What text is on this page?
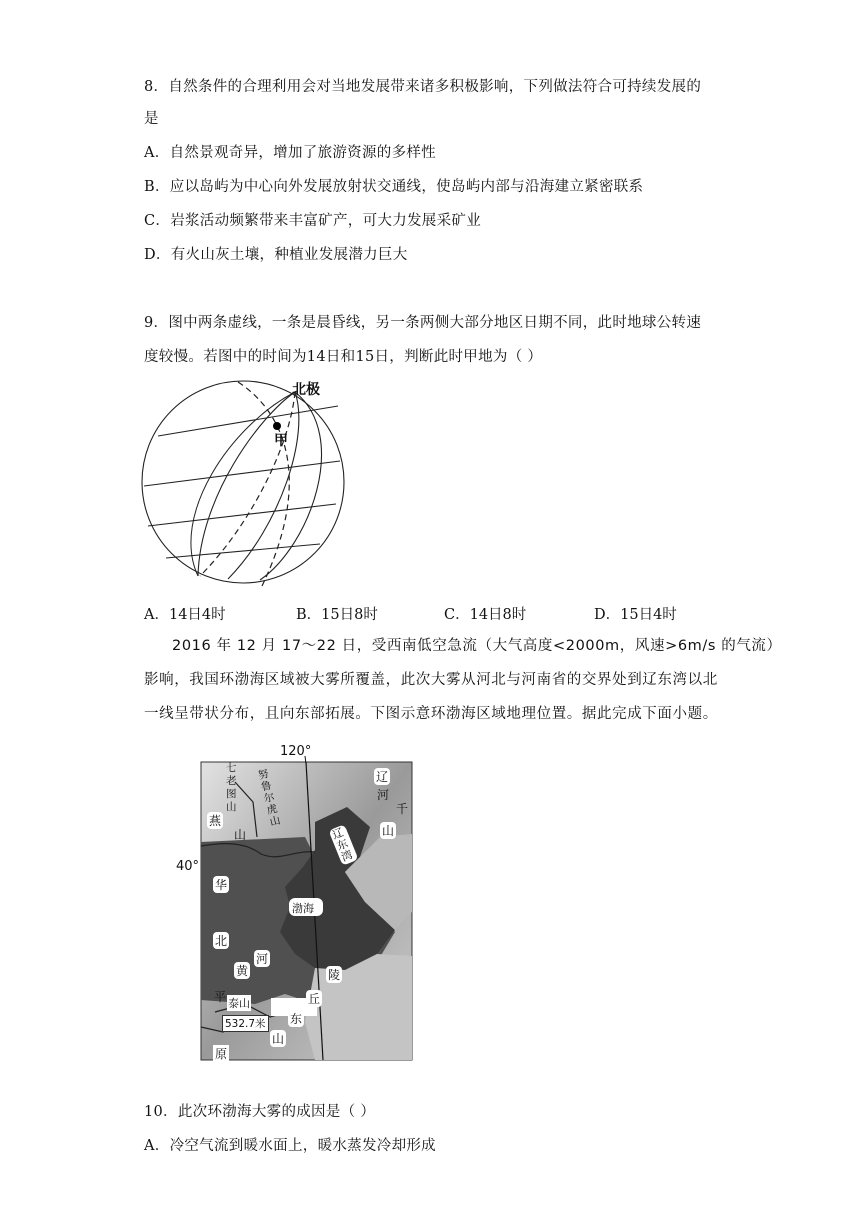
8．自然条件的合理利用会对当地发展带来诸多积极影响，下列做法符合可持续发展的
是
A．自然景观奇异，增加了旅游资源的多样性
B．应以岛屿为中心向外发展放射状交通线，使岛屿内部与沿海建立紧密联系
C．岩浆活动频繁带来丰富矿产，可大力发展采矿业
D．有火山灰土壤，种植业发展潜力巨大
9．图中两条虚线，一条是晨昏线，另一条两侧大部分地区日期不同，此时地球公转速
度较慢。若图中的时间为14日和15日，判断此时甲地为（ ）
北极
甲
A．14日4时	B．15日8时	C．14日8时	D．15日4时
2016 年 12 月 17～22 日，受西南低空急流（大气高度<2000m，风速>6m/s 的气流）
影响，我国环渤海区域被大雾所覆盖，此次大雾从河北与河南省的交界处到辽东湾以北
一线呈带状分布，且向东部拓展。下图示意环渤海区域地理位置。据此完成下面小题。
120°
40°
七老图山
努鲁尔虎山
燕
山
辽
河
千
山
辽东湾
华
渤海
北
河
黄	陵
平 泰山	丘
532.7米 东
山
原
10．此次环渤海大雾的成因是（ ）
A．冷空气流到暖水面上，暖水蒸发冷却形成
